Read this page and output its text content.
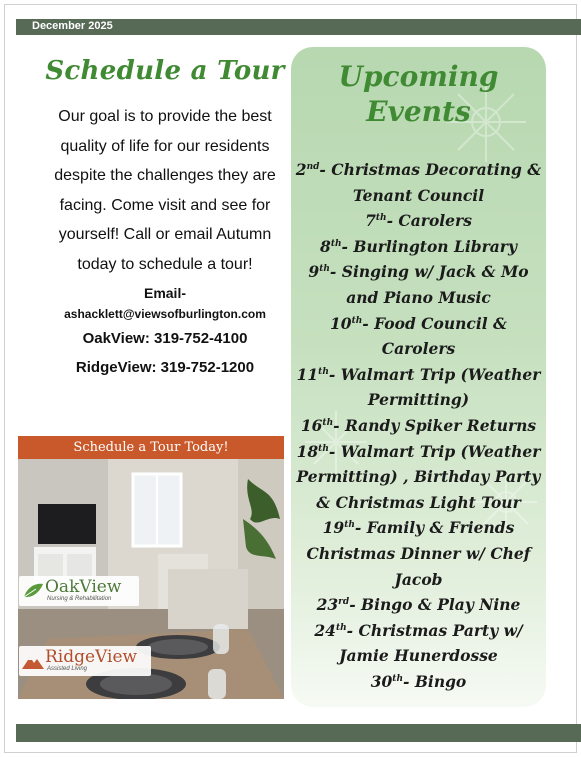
December 2025
Schedule a Tour
Our goal is to provide the best
quality of life for our residents
despite the challenges they are
facing. Come visit and see for
yourself! Call or email Autumn
today to schedule a tour!
Email-
ashacklett@viewsofburlington.com
OakView: 319-752-4100
RidgeView: 319-752-1200
Schedule a Tour Today!
OakView
Nursing & Rehabilitation
RidgeView
Assisted Living
Upcoming
Events
2nd- Christmas Decorating &
Tenant Council
7th- Carolers
8th- Burlington Library
9th- Singing w/ Jack & Mo
and Piano Music
10th- Food Council &
Carolers
11th- Walmart Trip (Weather
Permitting)
16th- Randy Spiker Returns
18th- Walmart Trip (Weather
Permitting) , Birthday Party
& Christmas Light Tour
19th- Family & Friends
Christmas Dinner w/ Chef
Jacob
23rd- Bingo & Play Nine
24th- Christmas Party w/
Jamie Hunerdosse
30th- Bingo
